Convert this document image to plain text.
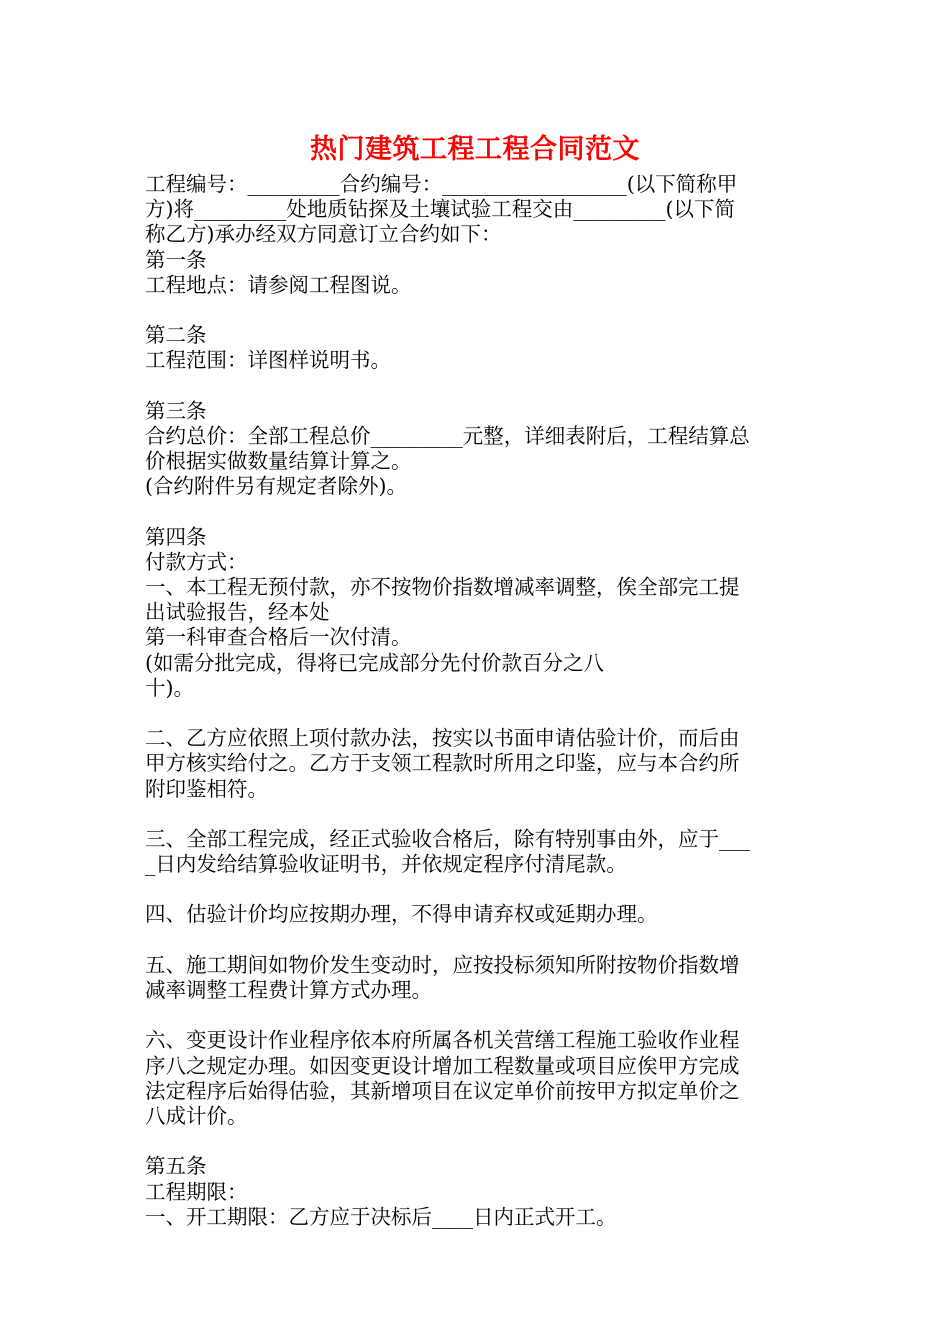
热门建筑工程工程合同范文
工程编号：_________合约编号：__________________(以下简称甲
方)将_________处地质钻探及土壤试验工程交由_________(以下简
称乙方)承办经双方同意订立合约如下：
第一条
工程地点：请参阅工程图说。
第二条
工程范围：详图样说明书。
第三条
合约总价：全部工程总价_________元整，详细表附后，工程结算总
价根据实做数量结算计算之。
(合约附件另有规定者除外)。
第四条
付款方式：
一、本工程无预付款，亦不按物价指数增减率调整，俟全部完工提
出试验报告，经本处
第一科审查合格后一次付清。
(如需分批完成，得将已完成部分先付价款百分之八
十)。
二、乙方应依照上项付款办法，按实以书面申请估验计价，而后由
甲方核实给付之。乙方于支领工程款时所用之印鉴，应与本合约所
附印鉴相符。
三、全部工程完成，经正式验收合格后，除有特别事由外，应于___
_日内发给结算验收证明书，并依规定程序付清尾款。
四、估验计价均应按期办理，不得申请弃权或延期办理。
五、施工期间如物价发生变动时，应按投标须知所附按物价指数增
减率调整工程费计算方式办理。
六、变更设计作业程序依本府所属各机关营缮工程施工验收作业程
序八之规定办理。如因变更设计增加工程数量或项目应俟甲方完成
法定程序后始得估验，其新增项目在议定单价前按甲方拟定单价之
八成计价。
第五条
工程期限：
一、开工期限：乙方应于决标后____日内正式开工。
